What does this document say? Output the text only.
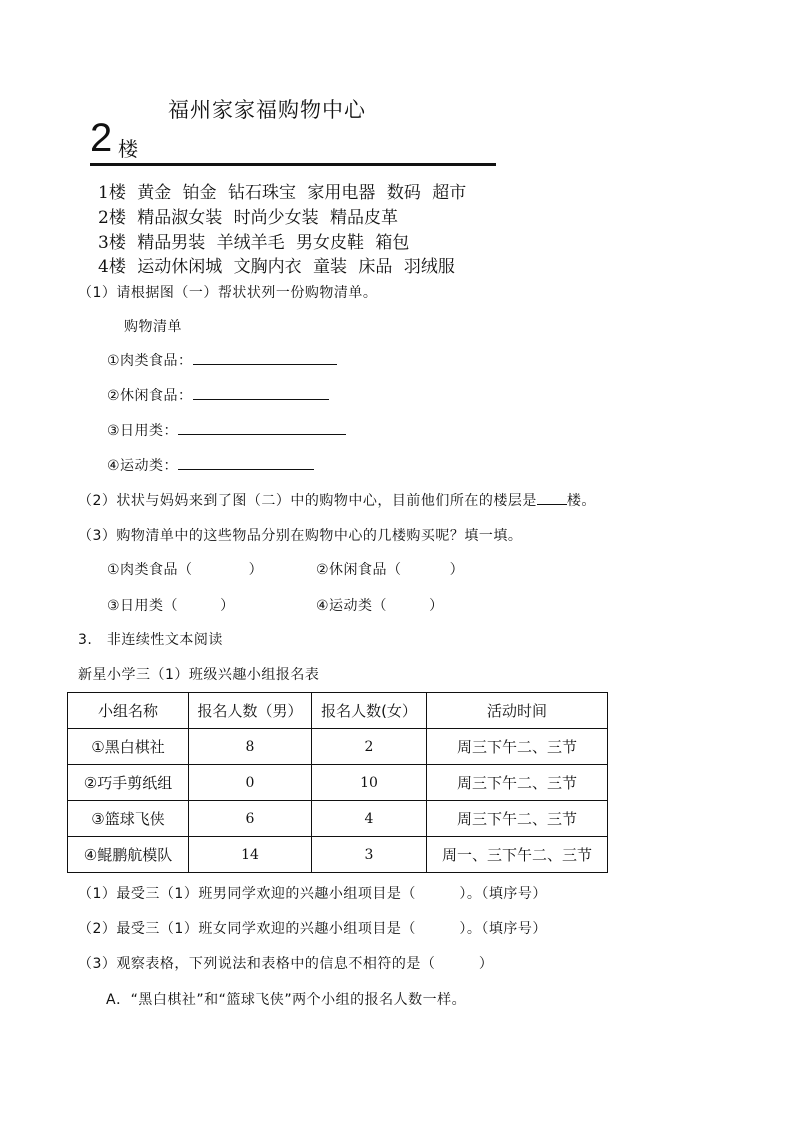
福州家家福购物中心
2 楼
1楼 黄金 铂金 钻石珠宝 家用电器 数码 超市
2楼 精品淑女装 时尚少女装 精品皮革
3楼 精品男装 羊绒羊毛 男女皮鞋 箱包
4楼 运动休闲城 文胸内衣 童装 床品 羽绒服
（1）请根据图（一）帮状状列一份购物清单。
购物清单
①肉类食品：
②休闲食品：
③日用类：
④运动类：
（2）状状与妈妈来到了图（二）中的购物中心，目前他们所在的楼层是 楼。
（3）购物清单中的这些物品分别在购物中心的几楼购买呢？填一填。
①肉类食品（	）	②休闲食品（	）
③日用类（	）	④运动类（	）
3.　非连续性文本阅读
新星小学三（1）班级兴趣小组报名表
小组名称	报名人数（男）	报名人数(女）	活动时间
①黑白棋社	8	2	周三下午二、三节
②巧手剪纸组	0	10	周三下午二、三节
③篮球飞侠	6	4	周三下午二、三节
④鲲鹏航模队	14	3	周一、三下午二、三节
（1）最受三（1）班男同学欢迎的兴趣小组项目是（　　　）。（填序号）
（2）最受三（1）班女同学欢迎的兴趣小组项目是（　　　）。（填序号）
（3）观察表格，下列说法和表格中的信息不相符的是（　　　）
A．“黑白棋社”和“篮球飞侠”两个小组的报名人数一样。
